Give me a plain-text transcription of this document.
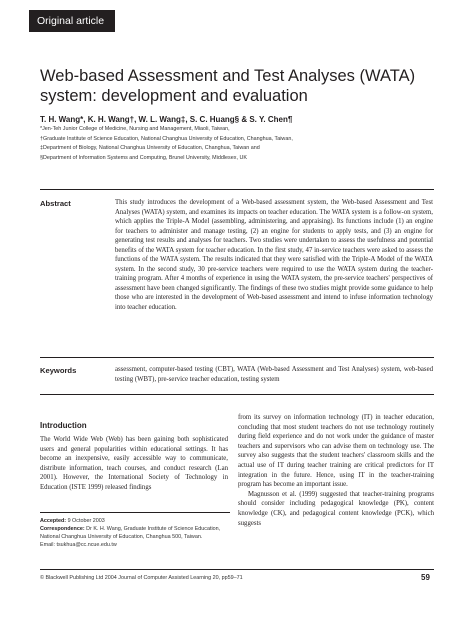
Original article
Web-based Assessment and Test Analyses (WATA) system: development and evaluation
T. H. Wang*, K. H. Wang†, W. L. Wang‡, S. C. Huang§ & S. Y. Chen¶
*Jen-Teh Junior College of Medicine, Nursing and Management, Miaoli, Taiwan,
†Graduate Institute of Science Education, National Changhua University of Education, Changhua, Taiwan,
‡Department of Biology, National Changhua University of Education, Changhua, Taiwan and
§Department of Information Systems and Computing, Brunel University, Middlesex, UK
Abstract	This study introduces the development of a Web-based assessment system, the Web-based Assessment and Test Analyses (WATA) system, and examines its impacts on teacher education. The WATA system is a follow-on system, which applies the Triple-A Model (assembling, administering, and appraising). Its functions include (1) an engine for teachers to administer and manage testing, (2) an engine for students to apply tests, and (3) an engine for generating test results and analyses for teachers. Two studies were undertaken to assess the usefulness and potential benefits of the WATA system for teacher education. In the first study, 47 in-service teachers were asked to assess the functions of the WATA system. The results indicated that they were satisfied with the Triple-A Model of the WATA system. In the second study, 30 pre-service teachers were required to use the WATA system during the teacher-training program. After 4 months of experience in using the WATA system, the pre-service teachers' perspectives of assessment have been changed significantly. The findings of these two studies might provide some guidance to help those who are interested in the development of Web-based assessment and intend to infuse information technology into teacher education.

Keywords	assessment, computer-based testing (CBT), WATA (Web-based Assessment and Test Analyses) system, web-based testing (WBT), pre-service teacher education, testing system

Introduction

The World Wide Web (Web) has been gaining both sophisticated users and general popularities within educational settings. It has become an inexpensive, easily accessible way to communicate, distribute information, teach courses, and conduct research (Lan 2001). However, the International Society of Technology in Education (ISTE 1999) released findings

Accepted: 9 October 2003
Correspondence: Dr K. H. Wang, Graduate Institute of Science Education, National Changhua University of Education, Changhua 500, Taiwan.
Email: tsukhua@cc.ncue.edu.tw

from its survey on information technology (IT) in teacher education, concluding that most student teachers do not use technology routinely during field experience and do not work under the guidance of master teachers and supervisors who can advise them on technology use. The survey also suggests that the student teachers' classroom skills and the actual use of IT during teacher training are critical predictors for IT integration in the future. Hence, using IT in the teacher-training program has become an important issue.

Magnusson et al. (1999) suggested that teacher-training programs should consider including pedagogical knowledge (PK), content knowledge (CK), and pedagogical content knowledge (PCK), which suggests

© Blackwell Publishing Ltd 2004 Journal of Computer Assisted Learning 20, pp59–71	59
